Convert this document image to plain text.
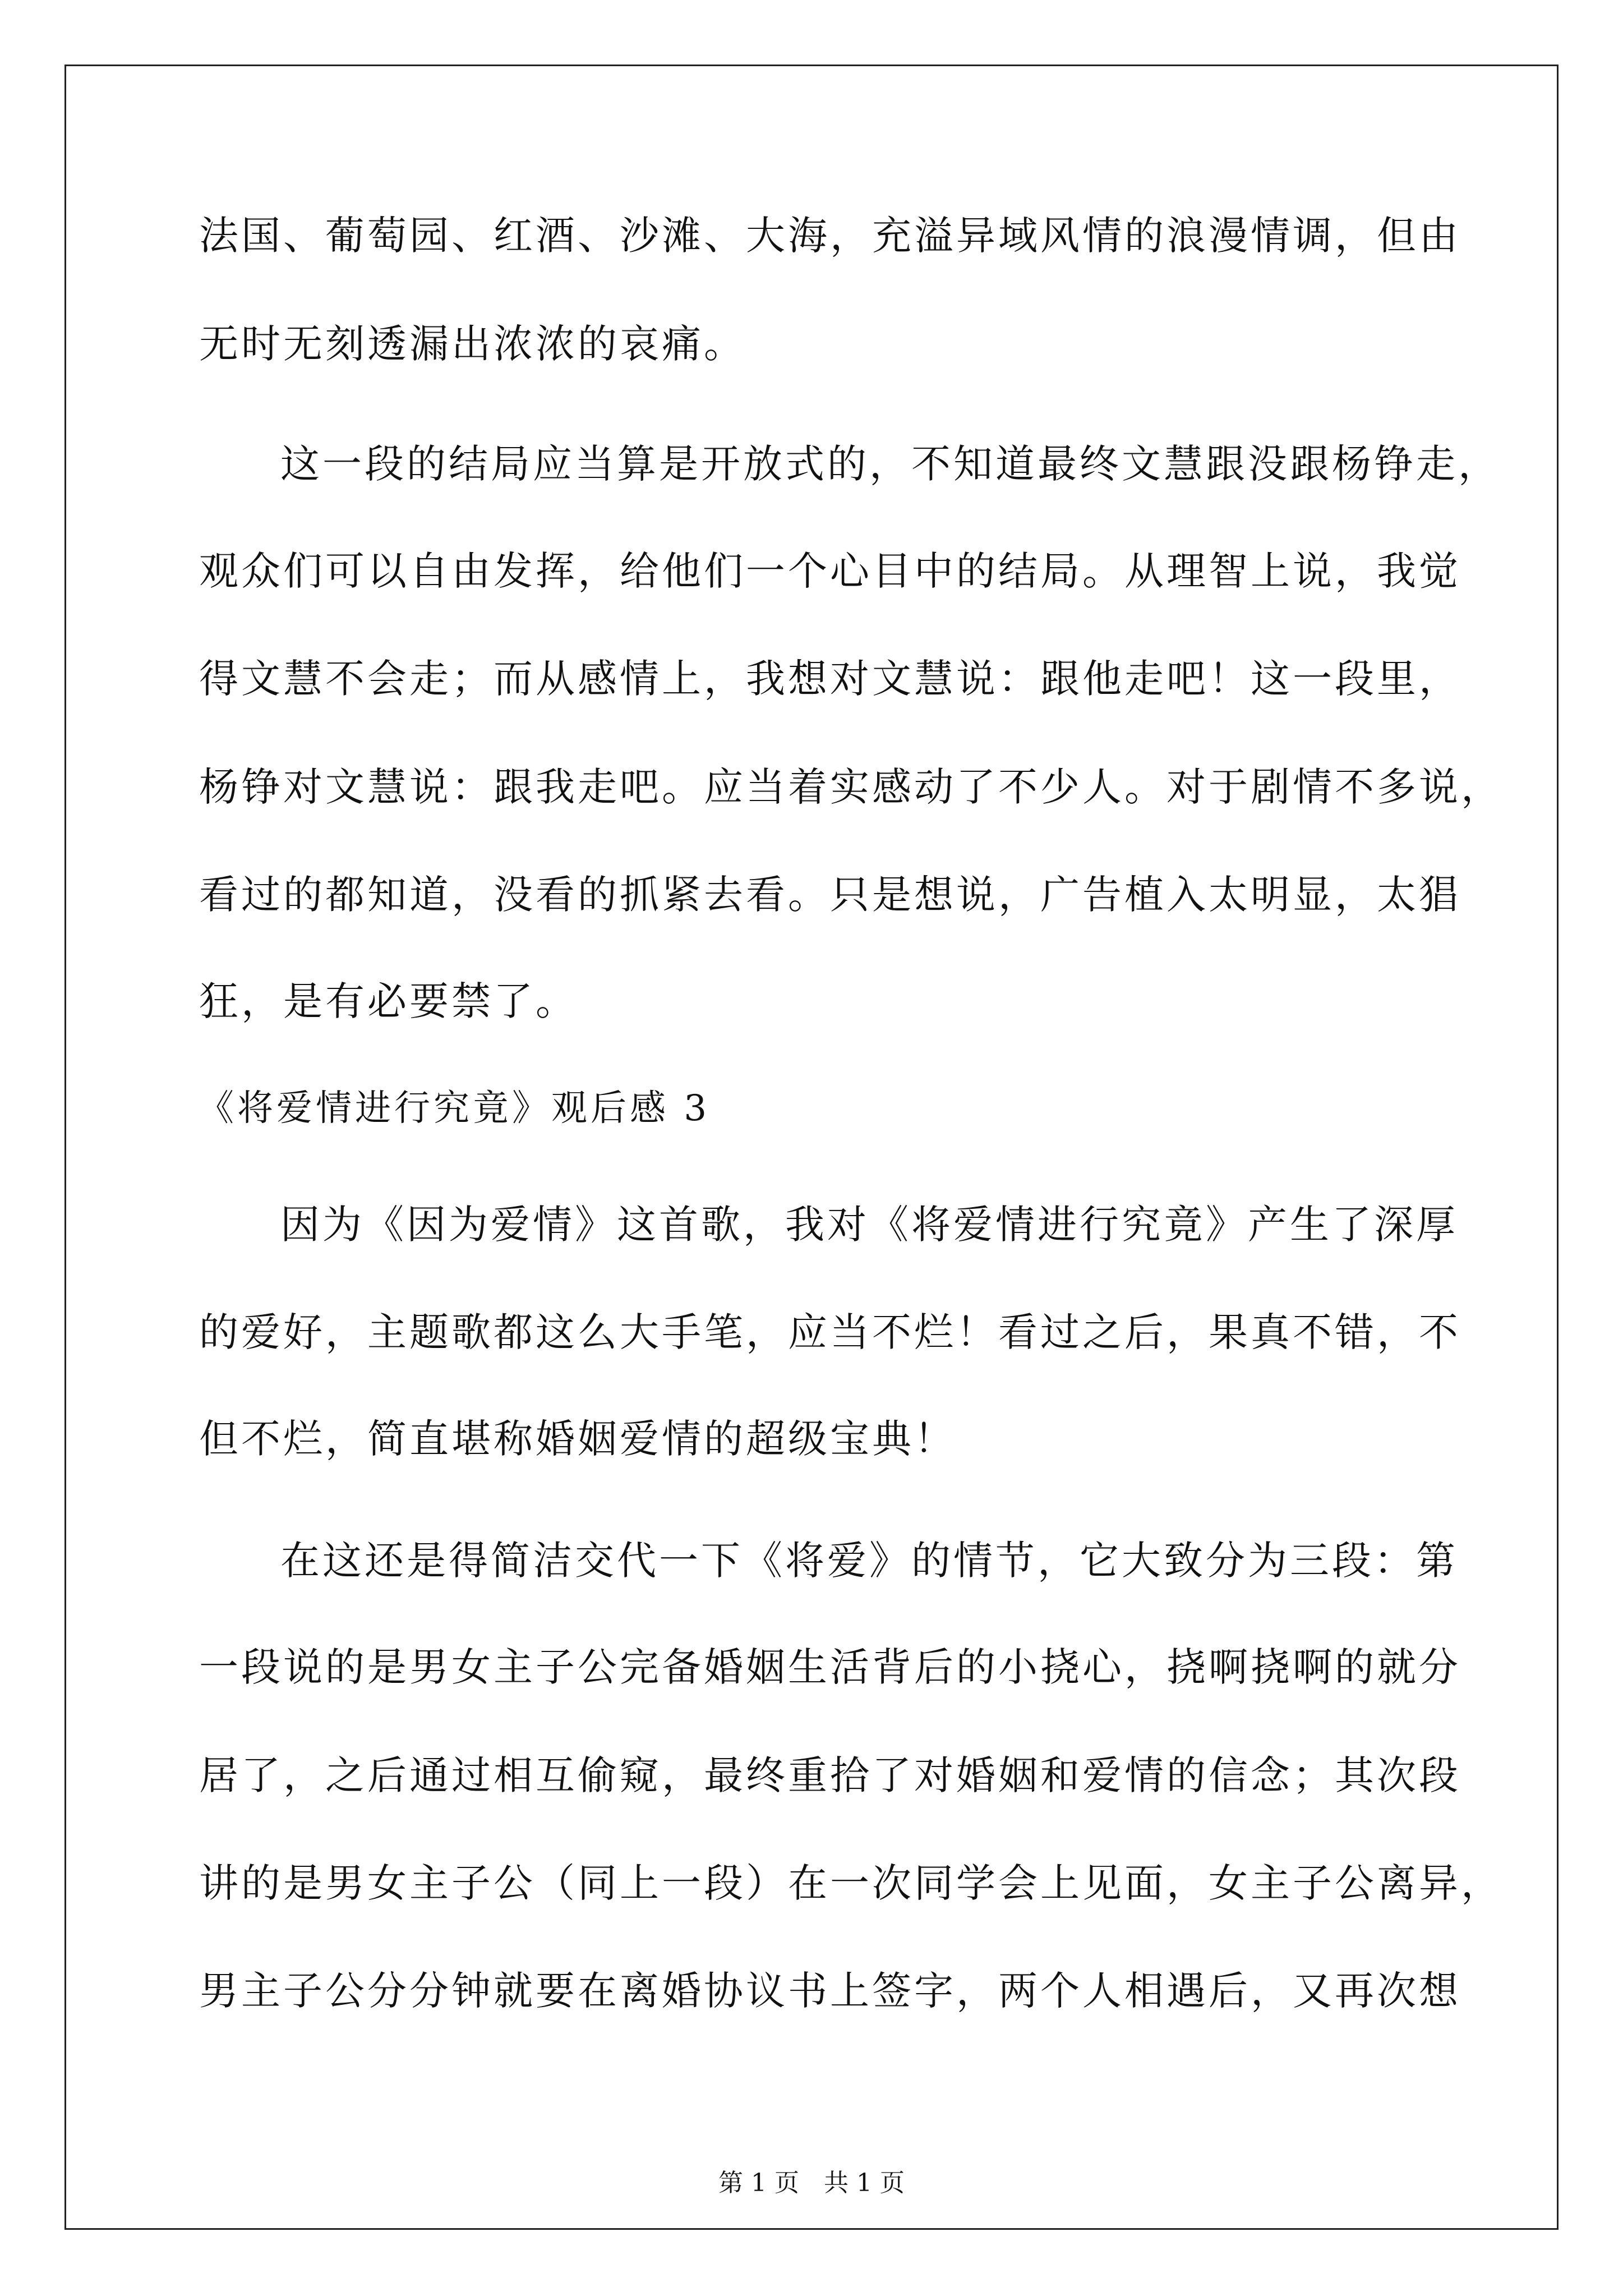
法国、葡萄园、红酒、沙滩、大海，充溢异域风情的浪漫情调，但由
无时无刻透漏出浓浓的哀痛。
这一段的结局应当算是开放式的，不知道最终文慧跟没跟杨铮走，
观众们可以自由发挥，给他们一个心目中的结局。从理智上说，我觉
得文慧不会走；而从感情上，我想对文慧说：跟他走吧！这一段里，
杨铮对文慧说：跟我走吧。应当着实感动了不少人。对于剧情不多说，
看过的都知道，没看的抓紧去看。只是想说，广告植入太明显，太猖
狂，是有必要禁了。
《将爱情进行究竟》观后感 3
因为《因为爱情》这首歌，我对《将爱情进行究竟》产生了深厚
的爱好，主题歌都这么大手笔，应当不烂！看过之后，果真不错，不
但不烂，简直堪称婚姻爱情的超级宝典！
在这还是得简洁交代一下《将爱》的情节，它大致分为三段：第
一段说的是男女主子公完备婚姻生活背后的小挠心，挠啊挠啊的就分
居了，之后通过相互偷窥，最终重拾了对婚姻和爱情的信念；其次段
讲的是男女主子公（同上一段）在一次同学会上见面，女主子公离异，
男主子公分分钟就要在离婚协议书上签字，两个人相遇后，又再次想
第 1 页　共 1 页
